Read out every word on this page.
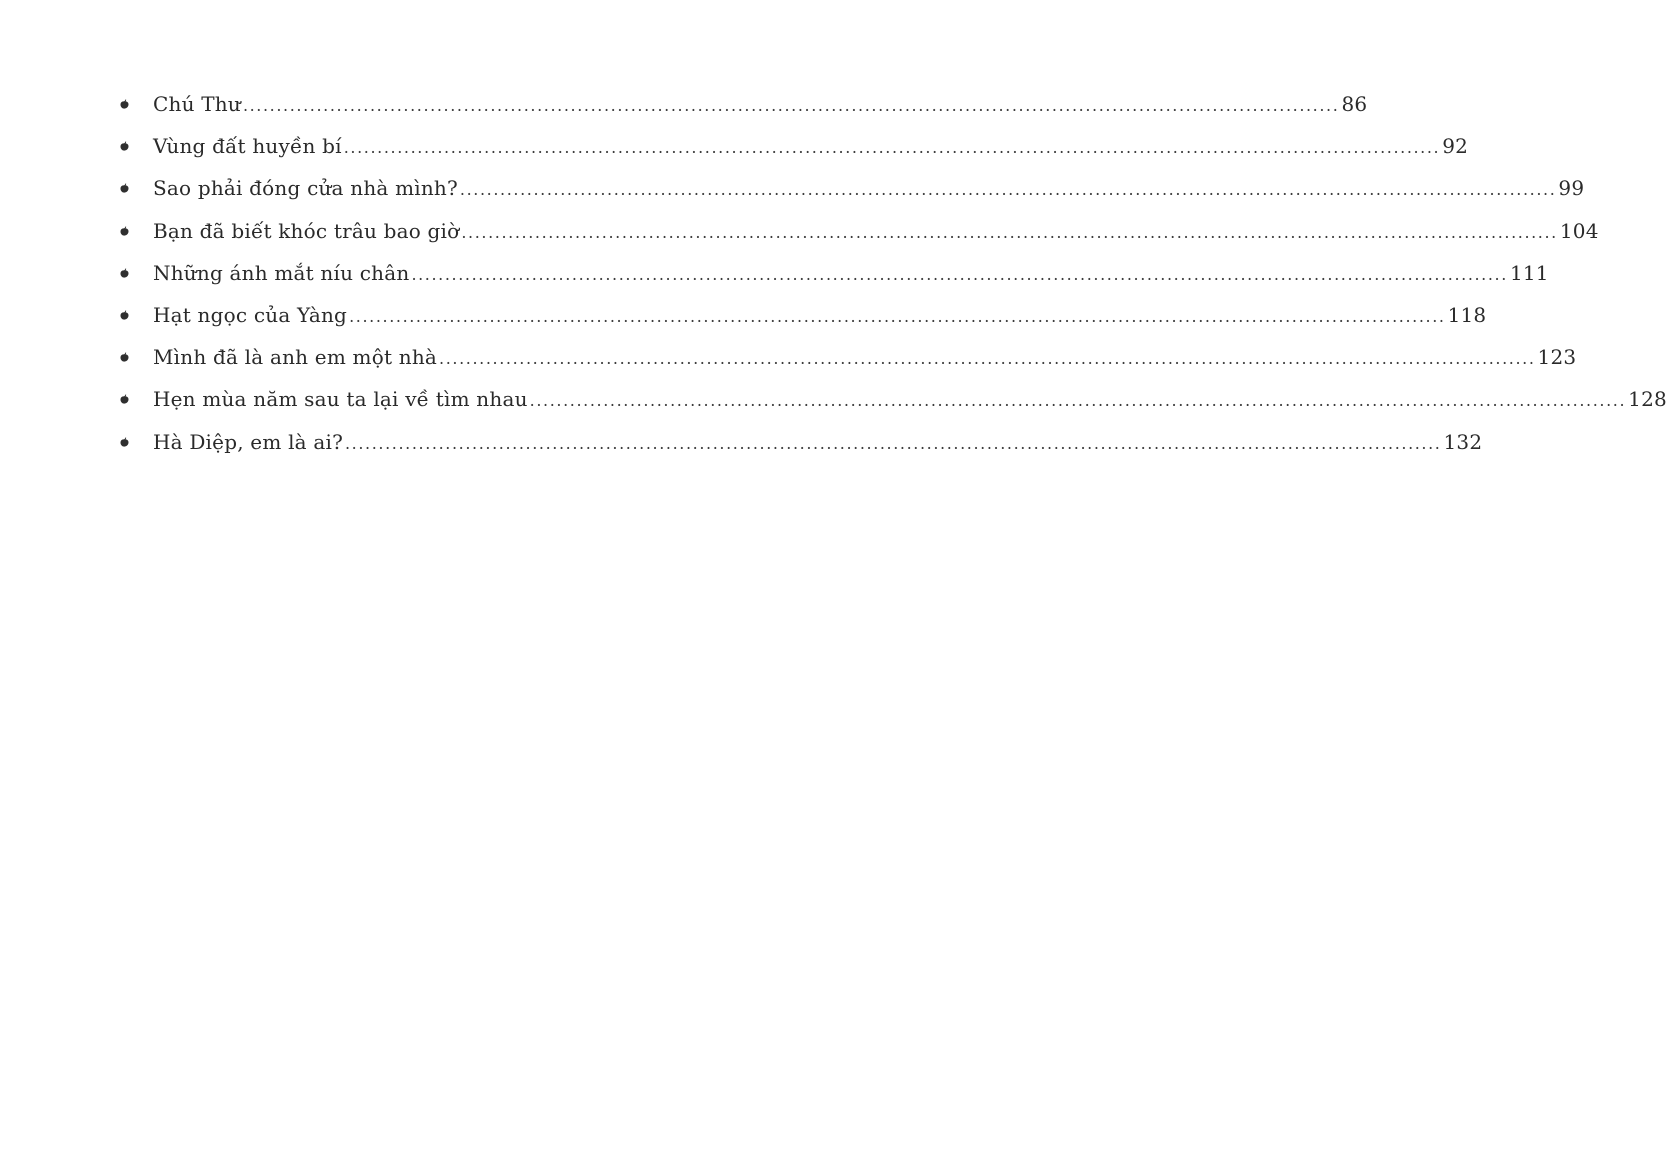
Chú Thư .................................................................................................................................................................... 86
Vùng đất huyền bí .................................................................................................................................................................... 92
Sao phải đóng cửa nhà mình? .................................................................................................................................................................... 99
Bạn đã biết khóc trâu bao giờ .................................................................................................................................................................... 104
Những ánh mắt níu chân .................................................................................................................................................................... 111
Hạt ngọc của Yàng .................................................................................................................................................................... 118
Mình đã là anh em một nhà .................................................................................................................................................................... 123
Hẹn mùa năm sau ta lại về tìm nhau .................................................................................................................................................................... 128
Hà Diệp, em là ai? .................................................................................................................................................................... 132
